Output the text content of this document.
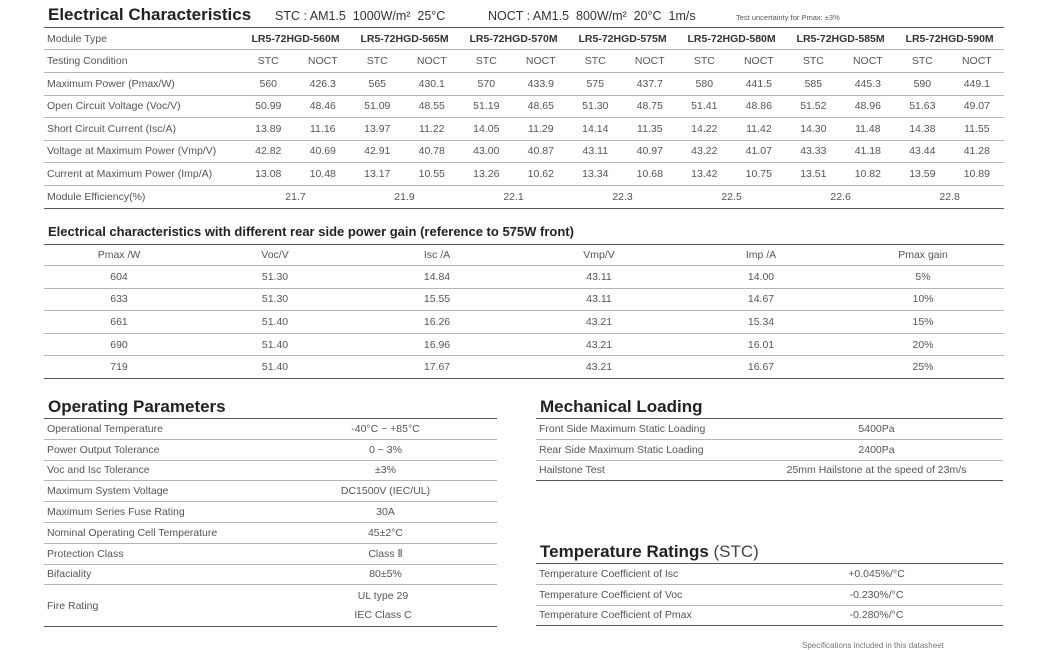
Electrical Characteristics STC : AM1.5  1000W/m²  25°C	NOCT : AM1.5  800W/m²  20°C  1m/s	Test uncertainty for Pmax: ±3%
Module Type	LR5-72HGD-560M		LR5-72HGD-565M		LR5-72HGD-570M		LR5-72HGD-575M		LR5-72HGD-580M		LR5-72HGD-585M		LR5-72HGD-590M	
Testing Condition	STC	NOCT	STC	NOCT	STC	NOCT	STC	NOCT	STC	NOCT	STC	NOCT	STC	NOCT
Maximum Power (Pmax/W)	560	426.3	565	430.1	570	433.9	575	437.7	580	441.5	585	445.3	590	449.1
Open Circuit Voltage (Voc/V)	50.99	48.46	51.09	48.55	51.19	48.65	51.30	48.75	51.41	48.86	51.52	48.96	51.63	49.07
Short Circuit Current (Isc/A)	13.89	11.16	13.97	11.22	14.05	11.29	14.14	11.35	14.22	11.42	14.30	11.48	14.38	11.55
Voltage at Maximum Power (Vmp/V)	42.82	40.69	42.91	40.78	43.00	40.87	43.11	40.97	43.22	41.07	43.33	41.18	43.44	41.28
Current at Maximum Power (Imp/A)	13.08	10.48	13.17	10.55	13.26	10.62	13.34	10.68	13.42	10.75	13.51	10.82	13.59	10.89
Module Efficiency(%)	21.7		21.9		22.1		22.3		22.5		22.6		22.8	
Electrical characteristics with different rear side power gain (reference to 575W front)
Pmax /W	Voc/V	Isc /A	Vmp/V	Imp /A	Pmax gain
604	51.30	14.84	43.11	14.00	5%
633	51.30	15.55	43.11	14.67	10%
661	51.40	16.26	43.21	15.34	15%
690	51.40	16.96	43.21	16.01	20%
719	51.40	17.67	43.21	16.67	25%
Operating Parameters
Operational Temperature	-40°C ~ +85°C
Power Output Tolerance	0 ~ 3%
Voc and Isc Tolerance	±3%
Maximum System Voltage	DC1500V (IEC/UL)
Maximum Series Fuse Rating	30A
Nominal Operating Cell Temperature	45±2°C
Protection Class	Class Ⅱ
Bifaciality	80±5%
Fire Rating	UL type 29
IEC Class C
Mechanical Loading
Front Side Maximum Static Loading	5400Pa
Rear Side Maximum Static Loading	2400Pa
Hailstone Test	25mm Hailstone at the speed of 23m/s
Temperature Ratings (STC)
Temperature Coefficient of Isc	+0.045%/°C
Temperature Coefficient of Voc	-0.230%/°C
Temperature Coefficient of Pmax	-0.280%/°C
Specifications included in this datasheet
